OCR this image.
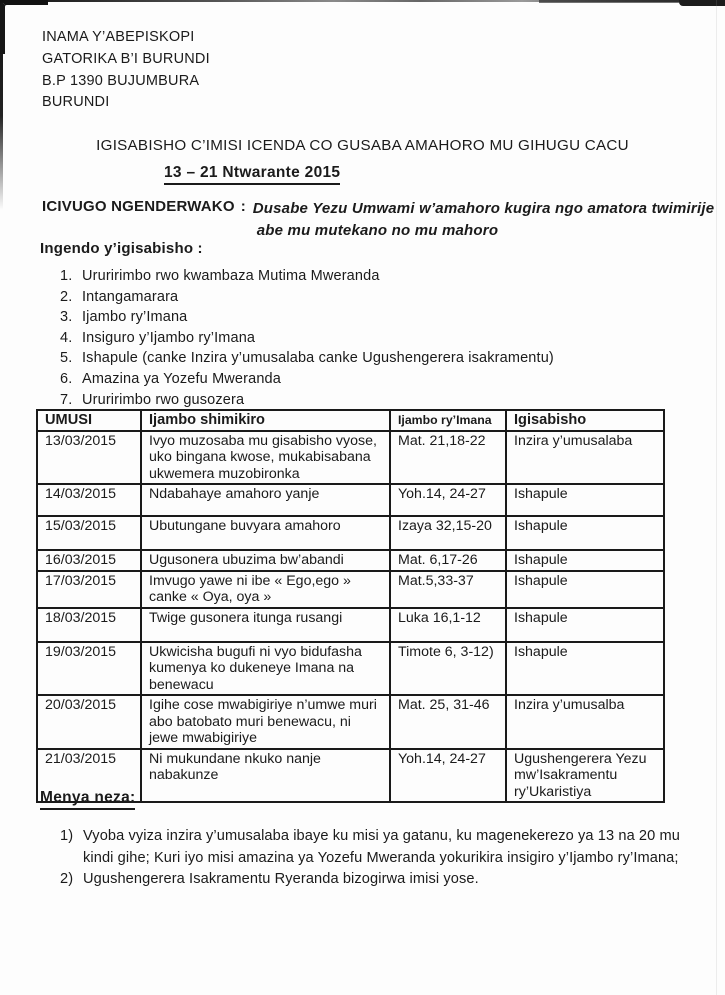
INAMA Y’ABEPISKOPI
GATORIKA B’I BURUNDI
B.P 1390 BUJUMBURA
BURUNDI
IGISABISHO C’IMISI ICENDA CO GUSABA AMAHORO MU GIHUGU CACU
13 – 21 Ntwarante 2015
ICIVUGO NGENDERWAKO : Dusabe Yezu Umwami w’amahoro kugira ngo amatora twimirije
abe mu mutekano no mu mahoro
Ingendo y’igisabisho :
Ururirimbo rwo kwambaza Mutima Mweranda
Intangamarara
Ijambo ry’Imana
Insiguro y’Ijambo ry’Imana
Ishapule (canke Inzira y’umusalaba canke Ugushengerera isakramentu)
Amazina ya Yozefu Mweranda
Ururirimbo rwo gusozera
UMUSI	Ijambo shimikiro	Ijambo ry’Imana	Igisabisho
13/03/2015	Ivyo muzosaba mu gisabisho vyose, uko bingana kwose, mukabisabana ukwemera muzobironka	Mat. 21,18-22	Inzira y’umusalaba
14/03/2015	Ndabahaye amahoro yanje	Yoh.14, 24-27	Ishapule
15/03/2015	Ubutungane buvyara amahoro	Izaya 32,15-20	Ishapule
16/03/2015	Ugusonera ubuzima bw’abandi	Mat. 6,17-26	Ishapule
17/03/2015	Imvugo yawe ni ibe « Ego,ego » canke « Oya, oya »	Mat.5,33-37	Ishapule
18/03/2015	Twige gusonera itunga rusangi	Luka 16,1-12	Ishapule
19/03/2015	Ukwicisha bugufi ni vyo bidufasha kumenya ko dukeneye Imana na benewacu	Timote 6, 3-12)	Ishapule
20/03/2015	Igihe cose mwabigiriye n’umwe muri abo batobato muri benewacu, ni jewe mwabigiriye	Mat. 25, 31-46	Inzira y’umusalba
21/03/2015	Ni mukundane nkuko nanje nabakunze	Yoh.14, 24-27	Ugushengerera Yezu mw’Isakramentu ry’Ukaristiya
Menya neza:
Vyoba vyiza inzira y’umusalaba ibaye ku misi ya gatanu, ku magenekerezo ya 13 na 20 mu kindi gihe; Kuri iyo misi amazina ya Yozefu Mweranda yokurikira insigiro y’Ijambo ry’Imana;
Ugushengerera Isakramentu Ryeranda bizogirwa imisi yose.
